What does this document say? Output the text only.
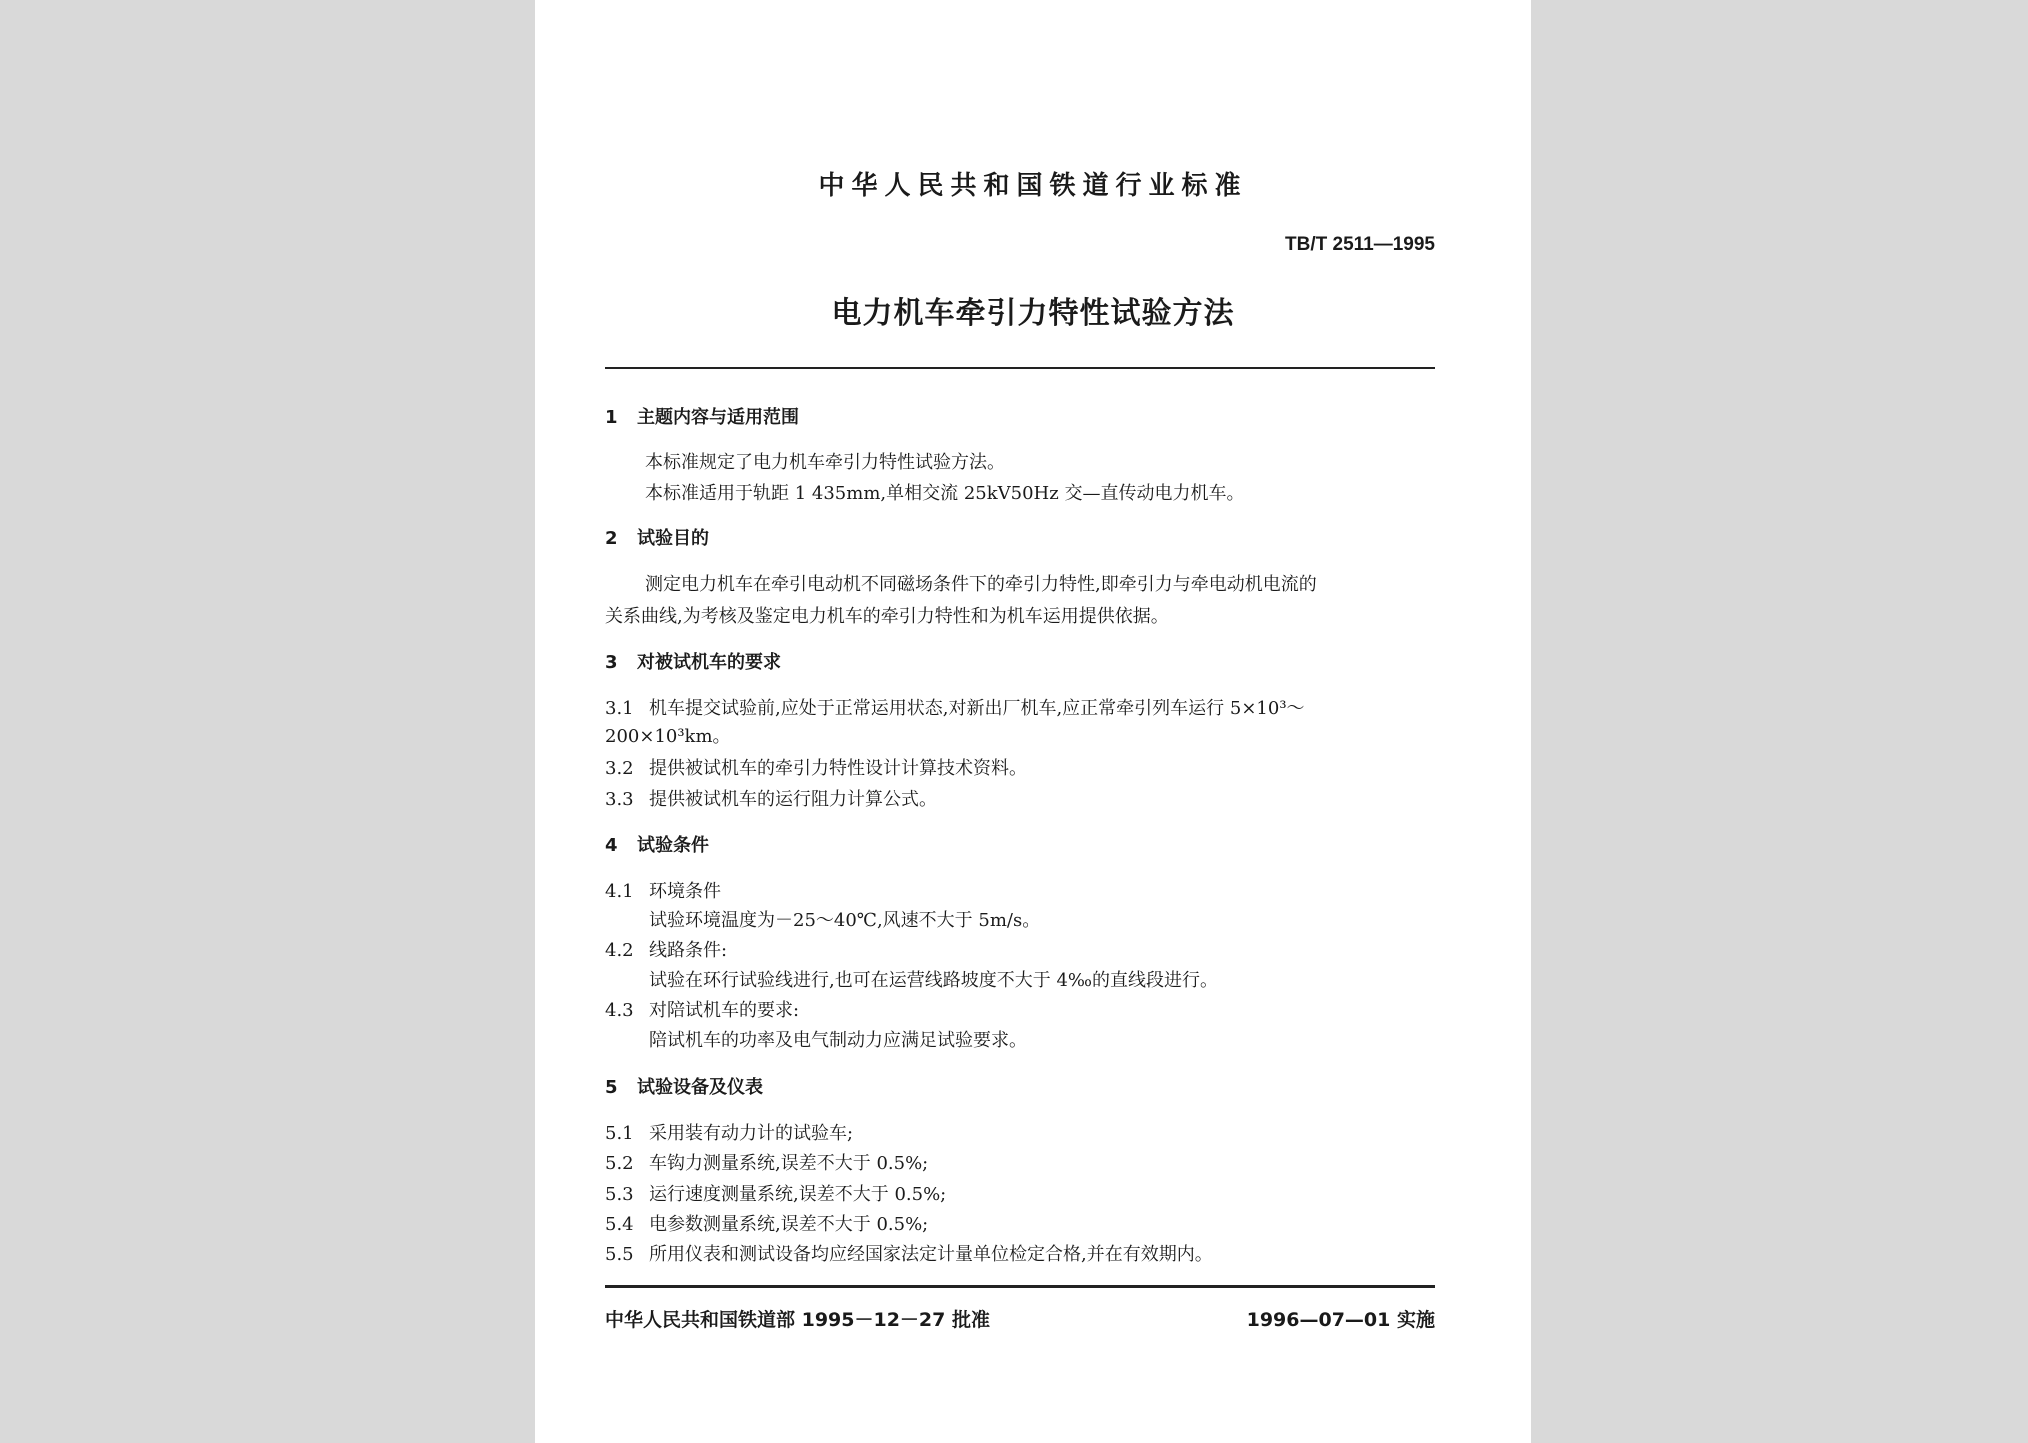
中华人民共和国铁道行业标准
TB/T 2511—1995
电力机车牵引力特性试验方法
1 主题内容与适用范围
本标准规定了电力机车牵引力特性试验方法。
本标准适用于轨距 1 435mm,单相交流 25kV50Hz 交—直传动电力机车。
2 试验目的
测定电力机车在牵引电动机不同磁场条件下的牵引力特性,即牵引力与牵电动机电流的
关系曲线,为考核及鉴定电力机车的牵引力特性和为机车运用提供依据。
3 对被试机车的要求
3.1 机车提交试验前,应处于正常运用状态,对新出厂机车,应正常牵引列车运行 5×10³～
200×10³km。
3.2 提供被试机车的牵引力特性设计计算技术资料。
3.3 提供被试机车的运行阻力计算公式。
4 试验条件
4.1 环境条件
试验环境温度为－25～40℃,风速不大于 5m/s。
4.2 线路条件:
试验在环行试验线进行,也可在运营线路坡度不大于 4‰的直线段进行。
4.3 对陪试机车的要求:
陪试机车的功率及电气制动力应满足试验要求。
5 试验设备及仪表
5.1 采用装有动力计的试验车;
5.2 车钩力测量系统,误差不大于 0.5%;
5.3 运行速度测量系统,误差不大于 0.5%;
5.4 电参数测量系统,误差不大于 0.5%;
5.5 所用仪表和测试设备均应经国家法定计量单位检定合格,并在有效期内。
中华人民共和国铁道部 1995－12－27 批准	1996—07—01 实施
